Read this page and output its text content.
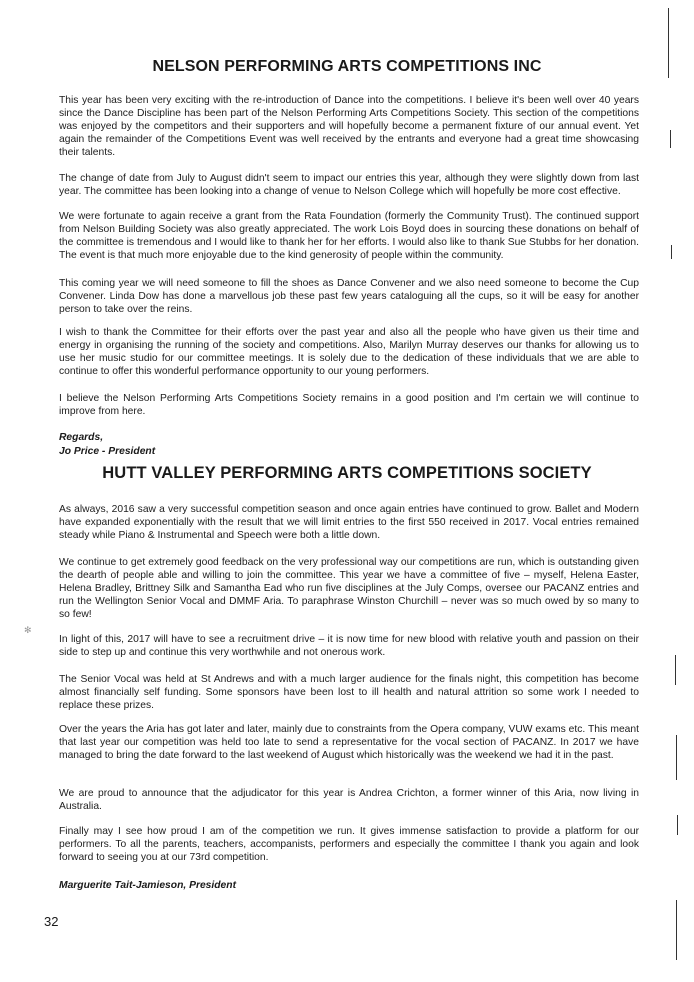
NELSON PERFORMING ARTS COMPETITIONS INC

This year has been very exciting with the re-introduction of Dance into the competitions. I believe it's been well over 40 years since the Dance Discipline has been part of the Nelson Performing Arts Competitions Society. This section of the competitions was enjoyed by the competitors and their supporters and will hopefully become a permanent fixture of our annual event. Yet again the remainder of the Competitions Event was well received by the entrants and everyone had a great time showcasing their talents.

The change of date from July to August didn't seem to impact our entries this year, although they were slightly down from last year. The committee has been looking into a change of venue to Nelson College which will hopefully be more cost effective.

We were fortunate to again receive a grant from the Rata Foundation (formerly the Community Trust). The continued support from Nelson Building Society was also greatly appreciated. The work Lois Boyd does in sourcing these donations on behalf of the committee is tremendous and I would like to thank her for her efforts. I would also like to thank Sue Stubbs for her donation. The event is that much more enjoyable due to the kind generosity of people within the community.

This coming year we will need someone to fill the shoes as Dance Convener and we also need someone to become the Cup Convener. Linda Dow has done a marvellous job these past few years cataloguing all the cups, so it will be easy for another person to take over the reins.

I wish to thank the Committee for their efforts over the past year and also all the people who have given us their time and energy in organising the running of the society and competitions. Also, Marilyn Murray deserves our thanks for allowing us to use her music studio for our committee meetings. It is solely due to the dedication of these individuals that we are able to continue to offer this wonderful performance opportunity to our young performers.

I believe the Nelson Performing Arts Competitions Society remains in a good position and I'm certain we will continue to improve from here.

Regards,

Jo Price - President

HUTT VALLEY PERFORMING ARTS COMPETITIONS SOCIETY

As always, 2016 saw a very successful competition season and once again entries have continued to grow. Ballet and Modern have expanded exponentially with the result that we will limit entries to the first 550 received in 2017. Vocal entries remained steady while Piano & Instrumental and Speech were both a little down.

We continue to get extremely good feedback on the very professional way our competitions are run, which is outstanding given the dearth of people able and willing to join the committee. This year we have a committee of five – myself, Helena Easter, Helena Bradley, Brittney Silk and Samantha Ead who run five disciplines at the July Comps, oversee our PACANZ entries and run the Wellington Senior Vocal and DMMF Aria. To paraphrase Winston Churchill – never was so much owed by so many to so few!

In light of this, 2017 will have to see a recruitment drive – it is now time for new blood with relative youth and passion on their side to step up and continue this very worthwhile and not onerous work.

The Senior Vocal was held at St Andrews and with a much larger audience for the finals night, this competition has become almost financially self funding. Some sponsors have been lost to ill health and natural attrition so some work I needed to replace these prizes.

Over the years the Aria has got later and later, mainly due to constraints from the Opera company, VUW exams etc. This meant that last year our competition was held too late to send a representative for the vocal section of PACANZ. In 2017 we have managed to bring the date forward to the last weekend of August which historically was the weekend we had it in the past.

We are proud to announce that the adjudicator for this year is Andrea Crichton, a former winner of this Aria, now living in Australia.

Finally may I see how proud I am of the competition we run. It gives immense satisfaction to provide a platform for our performers. To all the parents, teachers, accompanists, performers and especially the committee I thank you again and look forward to seeing you at our 73rd competition.

Marguerite Tait-Jamieson, President

32

✻
